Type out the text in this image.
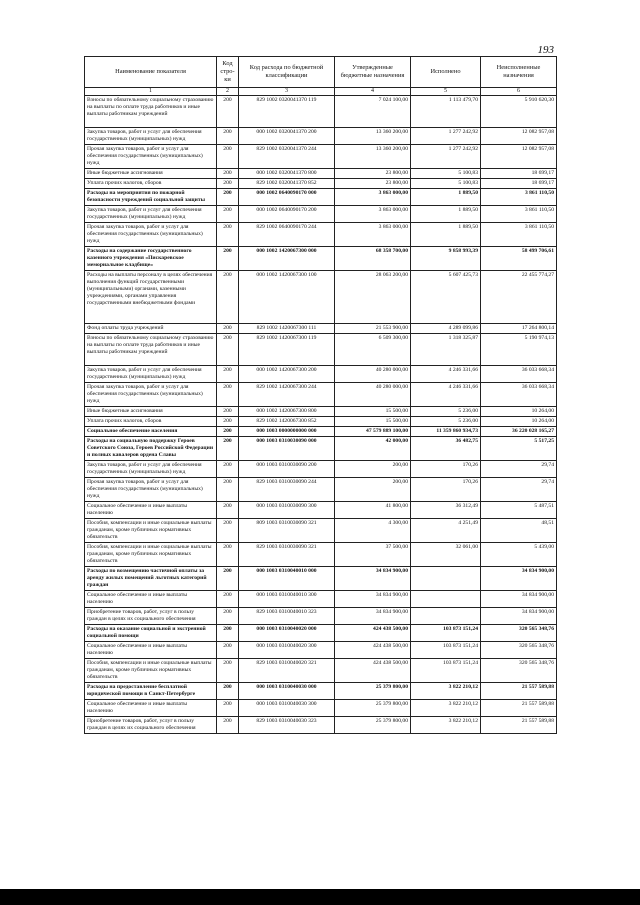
193
Наименование показателя	Код стро-ки	Код расхода по бюджетной классификации	Утвержденные бюджетные назначения	Исполнено	Неисполненные назначения
1	2	3	4	5	6
Взносы по обязательному социальному страхованию на выплаты по оплате труда работников и иные выплаты работникам учреждений	200	829 1002 0320041370 119	7 024 100,00	1 113 479,70	5 910 620,30
Закупка товаров, работ и услуг для обеспечения государственных (муниципальных) нужд	200	000 1002 0320041370 200	13 360 200,00	1 277 242,92	12 082 957,08
Прочая закупка товаров, работ и услуг для обеспечения государственных (муниципальных) нужд	200	829 1002 0320041370 244	13 360 200,00	1 277 242,92	12 082 957,08
Иные бюджетные ассигнования	200	000 1002 0320041370 800	23 800,00	5 100,83	18 699,17
Уплата прочих налогов, сборов	200	829 1002 0320041370 852	23 800,00	5 100,83	18 699,17
Расходы на мероприятия по пожарной безопасности учреждений социальной защиты	200	000 1002 0640090170 000	3 863 000,00	1 889,50	3 861 110,50
Закупка товаров, работ и услуг для обеспечения государственных (муниципальных) нужд	200	000 1002 0640090170 200	3 863 000,00	1 889,50	3 861 110,50
Прочая закупка товаров, работ и услуг для обеспечения государственных (муниципальных) нужд	200	829 1002 0640090170 244	3 863 000,00	1 889,50	3 861 110,50
Расходы на содержание государственного казенного учреждения «Пискаревское мемориальное кладбище»	200	000 1002 1420067300 000	68 358 700,00	9 858 993,39	58 499 706,61
Расходы на выплаты персоналу в целях обеспечения выполнения функций государственными (муниципальными) органами, казенными учреждениями, органами управления государственными внебюджетными фондами	200	000 1002 1420067300 100	28 063 200,00	5 607 425,73	22 455 774,27
Фонд оплаты труда учреждений	200	829 1002 1420067300 111	21 553 900,00	4 289 099,86	17 264 800,14
Взносы по обязательному социальному страхованию на выплаты по оплате труда работников и иные выплаты работникам учреждений	200	829 1002 1420067300 119	6 509 300,00	1 318 325,87	5 190 974,13
Закупка товаров, работ и услуг для обеспечения государственных (муниципальных) нужд	200	000 1002 1420067300 200	40 280 000,00	4 246 331,66	36 033 668,34
Прочая закупка товаров, работ и услуг для обеспечения государственных (муниципальных) нужд	200	829 1002 1420067300 244	40 280 000,00	4 246 331,66	36 033 668,34
Иные бюджетные ассигнования	200	000 1002 1420067300 800	15 500,00	5 236,00	10 264,00
Уплата прочих налогов, сборов	200	829 1002 1420067300 852	15 500,00	5 236,00	10 264,00
Социальное обеспечение населения	200	000 1003 0000000000 000	47 579 889 100,00	11 359 860 934,73	36 220 028 165,27
Расходы на социальную поддержку Героев Советского Союза, Героев Российской Федерации и полных кавалеров ордена Славы	200	000 1003 0310030090 000	42 000,00	36 482,75	5 517,25
Закупка товаров, работ и услуг для обеспечения государственных (муниципальных) нужд	200	000 1003 0310030090 200	200,00	170,26	29,74
Прочая закупка товаров, работ и услуг для обеспечения государственных (муниципальных) нужд	200	829 1003 0310030090 244	200,00	170,26	29,74
Социальное обеспечение и иные выплаты населению	200	000 1003 0310030090 300	41 800,00	36 312,49	5 487,51
Пособия, компенсации и иные социальные выплаты гражданам, кроме публичных нормативных обязательств	200	809 1003 0310030090 321	4 300,00	4 251,49	48,51
Пособия, компенсации и иные социальные выплаты гражданам, кроме публичных нормативных обязательств	200	829 1003 0310030090 321	37 500,00	32 061,00	5 439,00
Расходы по возмещению частичной оплаты за аренду жилых помещений льготных категорий граждан	200	000 1003 0310040010 000	34 834 900,00		34 834 900,00
Социальное обеспечение и иные выплаты населению	200	000 1003 0310040010 300	34 834 900,00		34 834 900,00
Приобретение товаров, работ, услуг в пользу граждан в целях их социального обеспечения	200	829 1003 0310040010 323	34 834 900,00		34 834 900,00
Расходы на оказание социальной и экстренной социальной помощи	200	000 1003 0310040020 000	424 438 500,00	103 873 151,24	320 565 348,76
Социальное обеспечение и иные выплаты населению	200	000 1003 0310040020 300	424 438 500,00	103 873 151,24	320 565 348,76
Пособия, компенсации и иные социальные выплаты гражданам, кроме публичных нормативных обязательств	200	829 1003 0310040020 321	424 438 500,00	103 873 151,24	320 565 348,76
Расходы на предоставление бесплатной юридической помощи в Санкт-Петербурге	200	000 1003 0310040030 000	25 379 800,00	3 822 210,12	21 557 589,88
Социальное обеспечение и иные выплаты населению	200	000 1003 0310040030 300	25 379 800,00	3 822 210,12	21 557 589,88
Приобретение товаров, работ, услуг в пользу граждан в целях их социального обеспечения	200	829 1003 0310040030 323	25 379 800,00	3 822 210,12	21 557 589,88
